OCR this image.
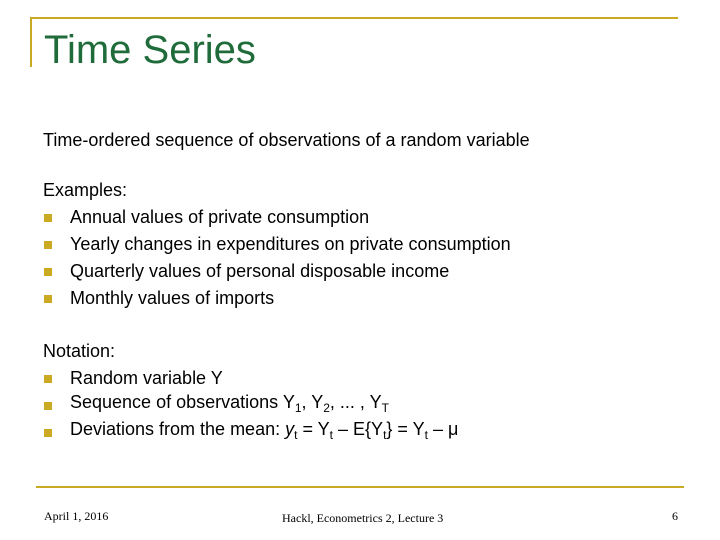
Time Series
Time-ordered sequence of observations of a random variable
Examples:
Annual values of private consumption
Yearly changes in expenditures on private consumption
Quarterly values of personal disposable income
Monthly values of imports
Notation:
Random variable Y
Sequence of observations $Y_1$, $Y_2$, ... , $Y_T$
Deviations from the mean: $y_t = Y_t - E\{Y_t\} = Y_t - \mu$
April 1, 2016	Hackl, Econometrics 2, Lecture 3	6
